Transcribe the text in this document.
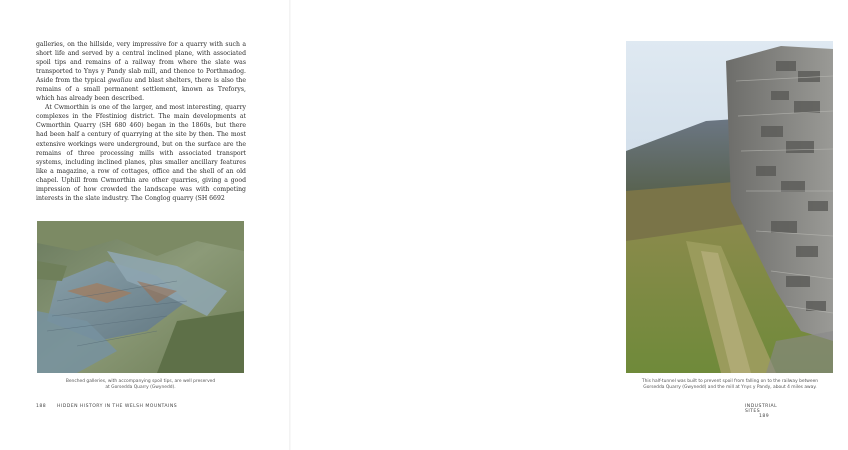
galleries, on the hillside, very impressive for a quarry with such a short life and served by a central inclined plane, with associated spoil tips and remains of a railway from where the slate was transported to Ynys y Pandy slab mill, and thence to Porthmadog. Aside from the typical gwaliau and blast shelters, there is also the remains of a small permanent settlement, known as Treforys, which has already been described.

At Cwmorthin is one of the larger, and most interesting, quarry complexes in the Ffestiniog district. The main developments at Cwmorthin Quarry (SH 680 460) began in the 1860s, but there had been half a century of quarrying at the site by then. The most extensive workings were underground, but on the surface are the remains of three processing mills with associated transport systems, including inclined planes, plus smaller ancillary features like a magazine, a row of cottages, office and the shell of an old chapel. Uphill from Cwmorthin are other quarries, giving a good impression of how crowded the landscape was with competing interests in the slate industry. The Conglog quarry (SH 6692

Benched galleries, with accompanying spoil tips, are well preserved
at Gorseddа Quarry (Gwynedd).
188 HIDDEN HISTORY IN THE WELSH MOUNTAINS
This half-tunnel was built to prevent spoil from falling on to the railway between
Gorsedda Quarry (Gwynedd) and the mill at Ynys y Pandy, about 4 miles away.
INDUSTRIAL SITES 189
